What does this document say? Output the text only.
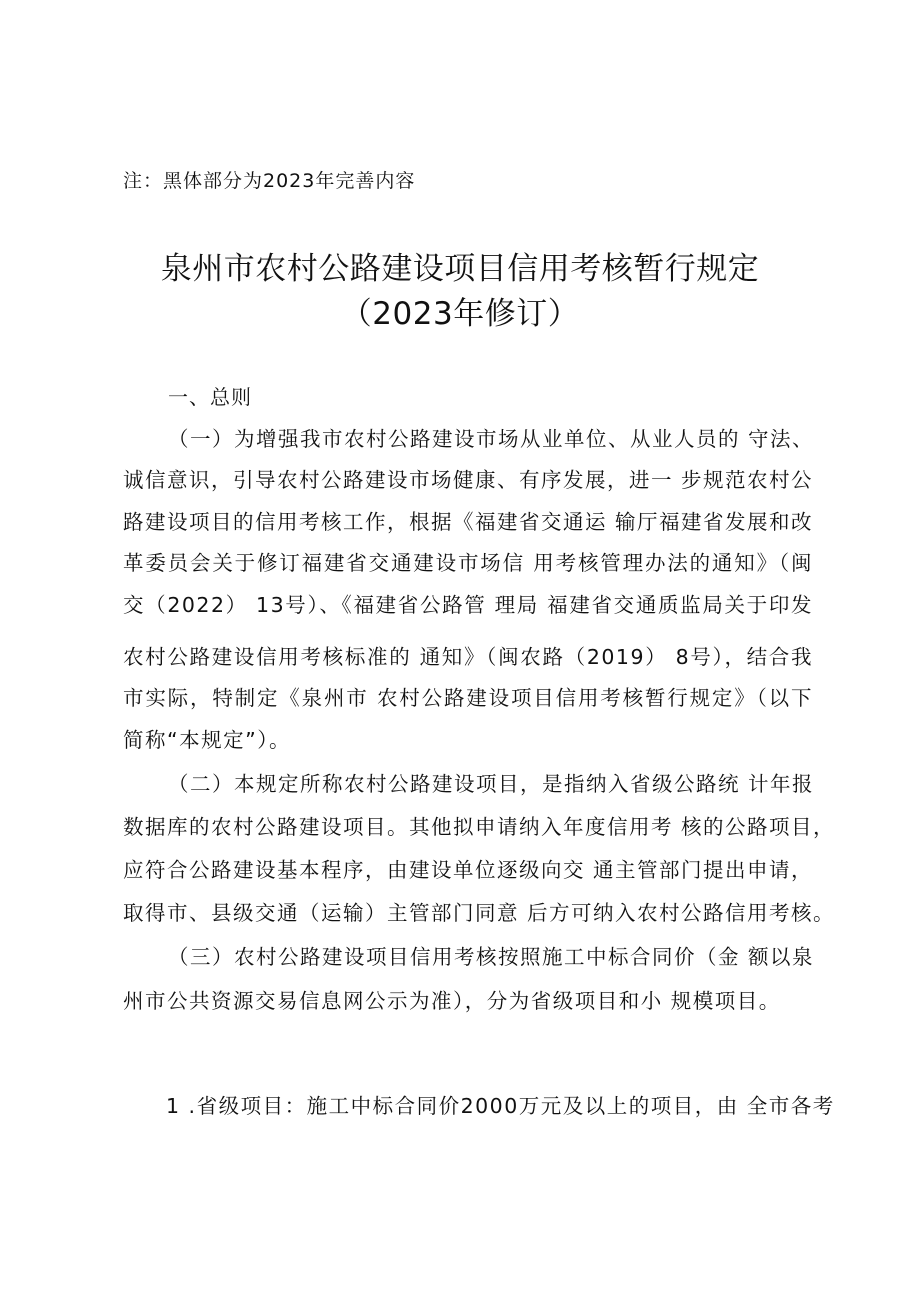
注：黑体部分为2023年完善内容
泉州市农村公路建设项目信用考核暂行规定
（2023年修订）
一、总则
（一）为增强我市农村公路建设市场从业单位、从业人员的 守法、
诚信意识，引导农村公路建设市场健康、有序发展，进一 步规范农村公
路建设项目的信用考核工作，根据《福建省交通运 输厅福建省发展和改
革委员会关于修订福建省交通建设市场信 用考核管理办法的通知》（闽
交（2022） 13号）、《福建省公路管 理局 福建省交通质监局关于印发
农村公路建设信用考核标准的 通知》（闽农路（2019） 8号），结合我
市实际，特制定《泉州市 农村公路建设项目信用考核暂行规定》（以下
简称“本规定”）。
（二）本规定所称农村公路建设项目，是指纳入省级公路统 计年报
数据库的农村公路建设项目。其他拟申请纳入年度信用考 核的公路项目，
应符合公路建设基本程序，由建设单位逐级向交 通主管部门提出申请，
取得市、县级交通（运输）主管部门同意 后方可纳入农村公路信用考核。
（三）农村公路建设项目信用考核按照施工中标合同价（金 额以泉
州市公共资源交易信息网公示为准），分为省级项目和小 规模项目。
1 .省级项目：施工中标合同价2000万元及以上的项目，由 全市各考
